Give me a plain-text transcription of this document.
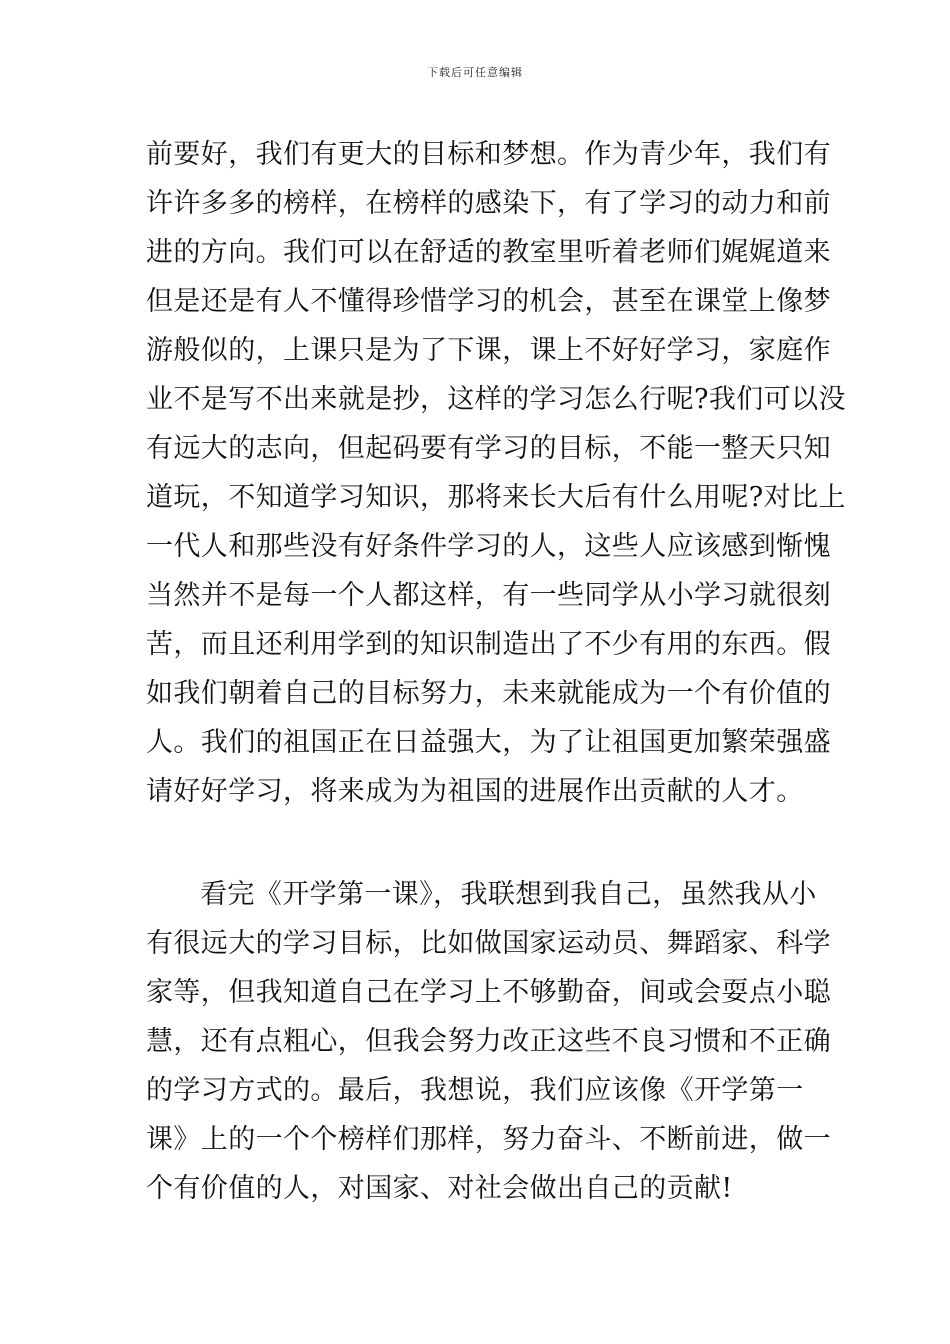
下载后可任意编辑
前要好，我们有更大的目标和梦想。作为青少年，我们有
许许多多的榜样，在榜样的感染下，有了学习的动力和前
进的方向。我们可以在舒适的教室里听着老师们娓娓道来
但是还是有人不懂得珍惜学习的机会，甚至在课堂上像梦
游般似的，上课只是为了下课，课上不好好学习，家庭作
业不是写不出来就是抄，这样的学习怎么行呢?我们可以没
有远大的志向，但起码要有学习的目标，不能一整天只知
道玩，不知道学习知识，那将来长大后有什么用呢?对比上
一代人和那些没有好条件学习的人，这些人应该感到惭愧
当然并不是每一个人都这样，有一些同学从小学习就很刻
苦，而且还利用学到的知识制造出了不少有用的东西。假
如我们朝着自己的目标努力，未来就能成为一个有价值的
人。我们的祖国正在日益强大，为了让祖国更加繁荣强盛
请好好学习，将来成为为祖国的进展作出贡献的人才。
看完《开学第一课》，我联想到我自己，虽然我从小
有很远大的学习目标，比如做国家运动员、舞蹈家、科学
家等，但我知道自己在学习上不够勤奋，间或会耍点小聪
慧，还有点粗心，但我会努力改正这些不良习惯和不正确
的学习方式的。最后，我想说，我们应该像《开学第一
课》上的一个个榜样们那样，努力奋斗、不断前进，做一
个有价值的人，对国家、对社会做出自己的贡献!
